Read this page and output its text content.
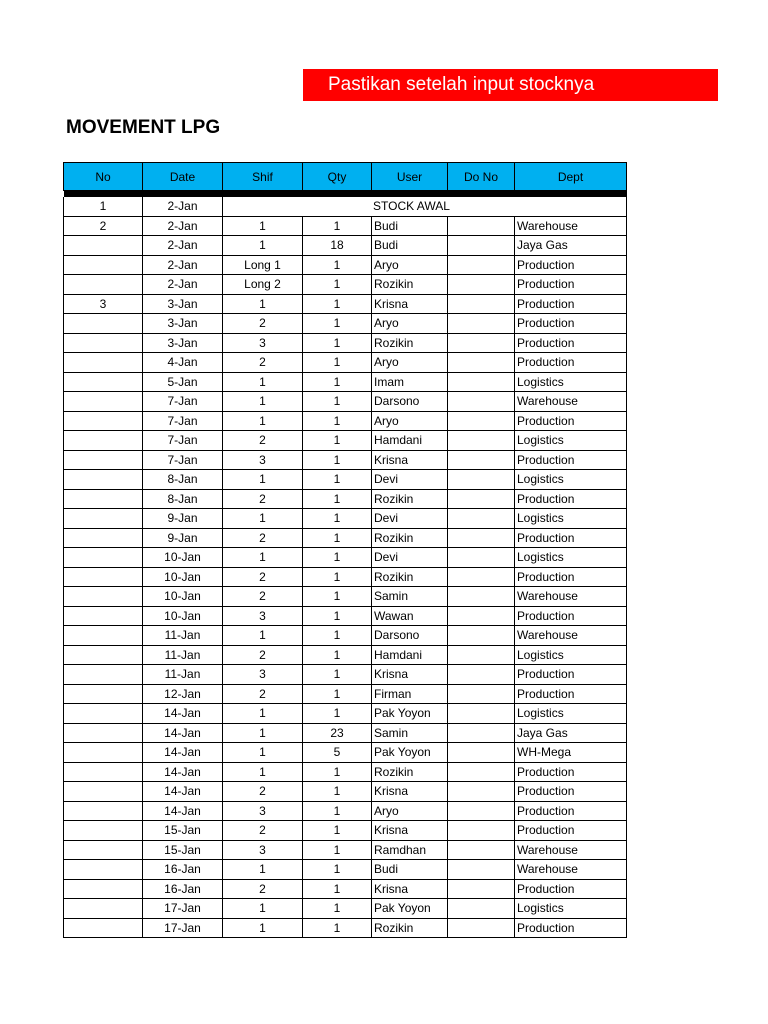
Pastikan setelah input stocknya
MOVEMENT LPG
No	Date	Shif	Qty	User	Do No	Dept

1	2-Jan	STOCK AWAL				
2	2-Jan	1	1	Budi		Warehouse
	2-Jan	1	18	Budi		Jaya Gas
	2-Jan	Long 1	1	Aryo		Production
	2-Jan	Long 2	1	Rozikin		Production
3	3-Jan	1	1	Krisna		Production
	3-Jan	2	1	Aryo		Production
	3-Jan	3	1	Rozikin		Production
	4-Jan	2	1	Aryo		Production
	5-Jan	1	1	Imam		Logistics
	7-Jan	1	1	Darsono		Warehouse
	7-Jan	1	1	Aryo		Production
	7-Jan	2	1	Hamdani		Logistics
	7-Jan	3	1	Krisna		Production
	8-Jan	1	1	Devi		Logistics
	8-Jan	2	1	Rozikin		Production
	9-Jan	1	1	Devi		Logistics
	9-Jan	2	1	Rozikin		Production
	10-Jan	1	1	Devi		Logistics
	10-Jan	2	1	Rozikin		Production
	10-Jan	2	1	Samin		Warehouse
	10-Jan	3	1	Wawan		Production
	11-Jan	1	1	Darsono		Warehouse
	11-Jan	2	1	Hamdani		Logistics
	11-Jan	3	1	Krisna		Production
	12-Jan	2	1	Firman		Production
	14-Jan	1	1	Pak Yoyon		Logistics
	14-Jan	1	23	Samin		Jaya Gas
	14-Jan	1	5	Pak Yoyon		WH-Mega
	14-Jan	1	1	Rozikin		Production
	14-Jan	2	1	Krisna		Production
	14-Jan	3	1	Aryo		Production
	15-Jan	2	1	Krisna		Production
	15-Jan	3	1	Ramdhan		Warehouse
	16-Jan	1	1	Budi		Warehouse
	16-Jan	2	1	Krisna		Production
	17-Jan	1	1	Pak Yoyon		Logistics
	17-Jan	1	1	Rozikin		Production
